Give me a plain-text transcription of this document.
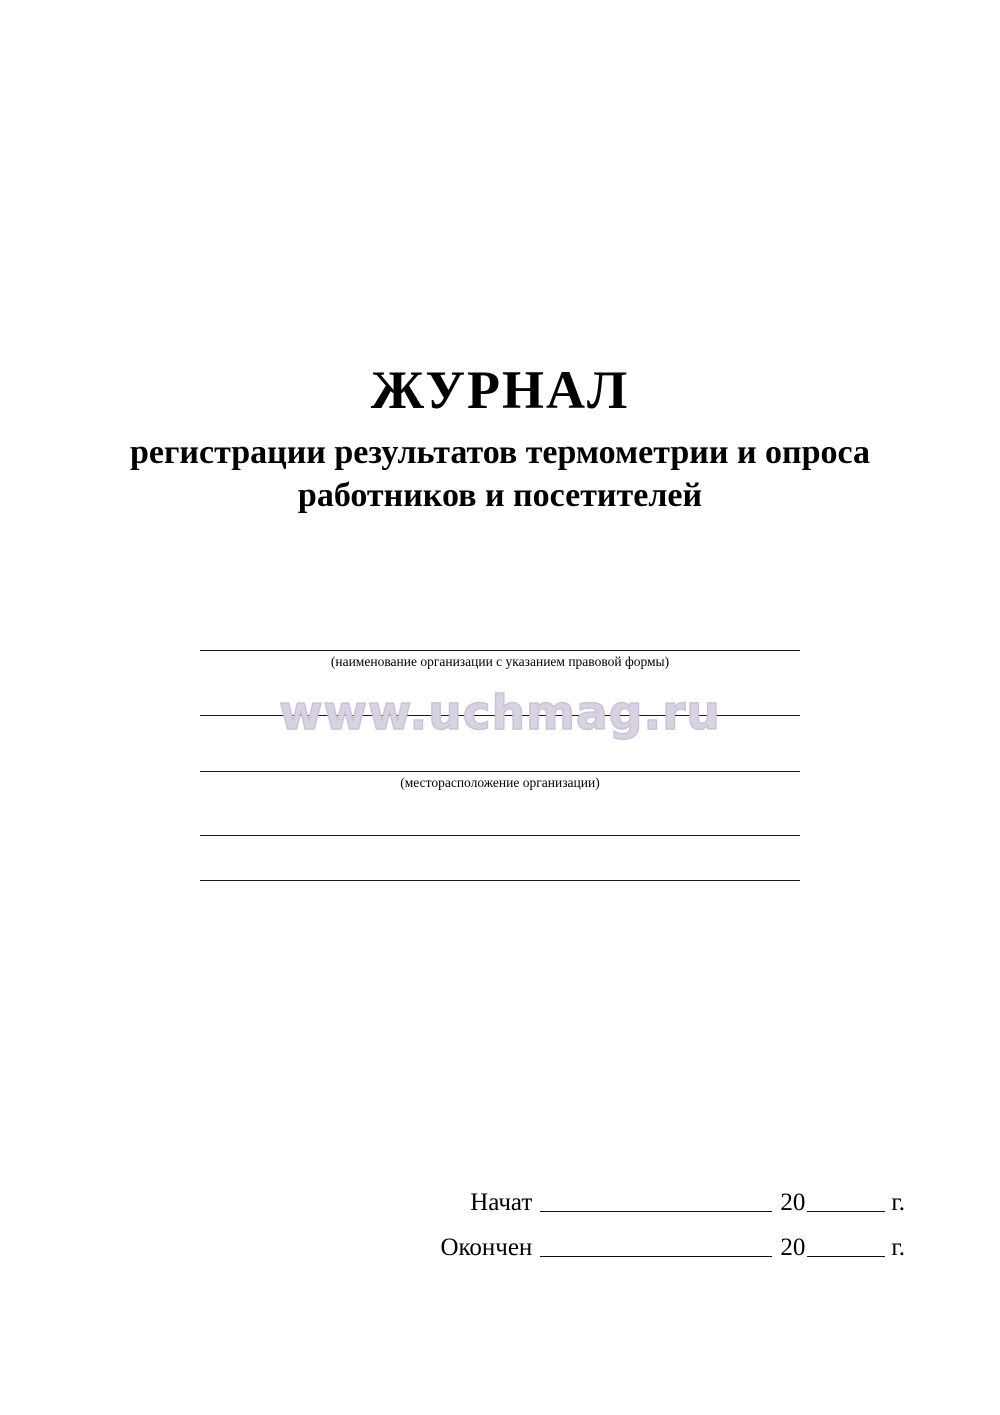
ЖУРНАЛ
регистрации результатов термометрии и опроса работников и посетителей
(наименование организации с указанием правовой формы)
(месторасположение организации)
www.uchmag.ru
Начат	20	г.
Окончен	20	г.
